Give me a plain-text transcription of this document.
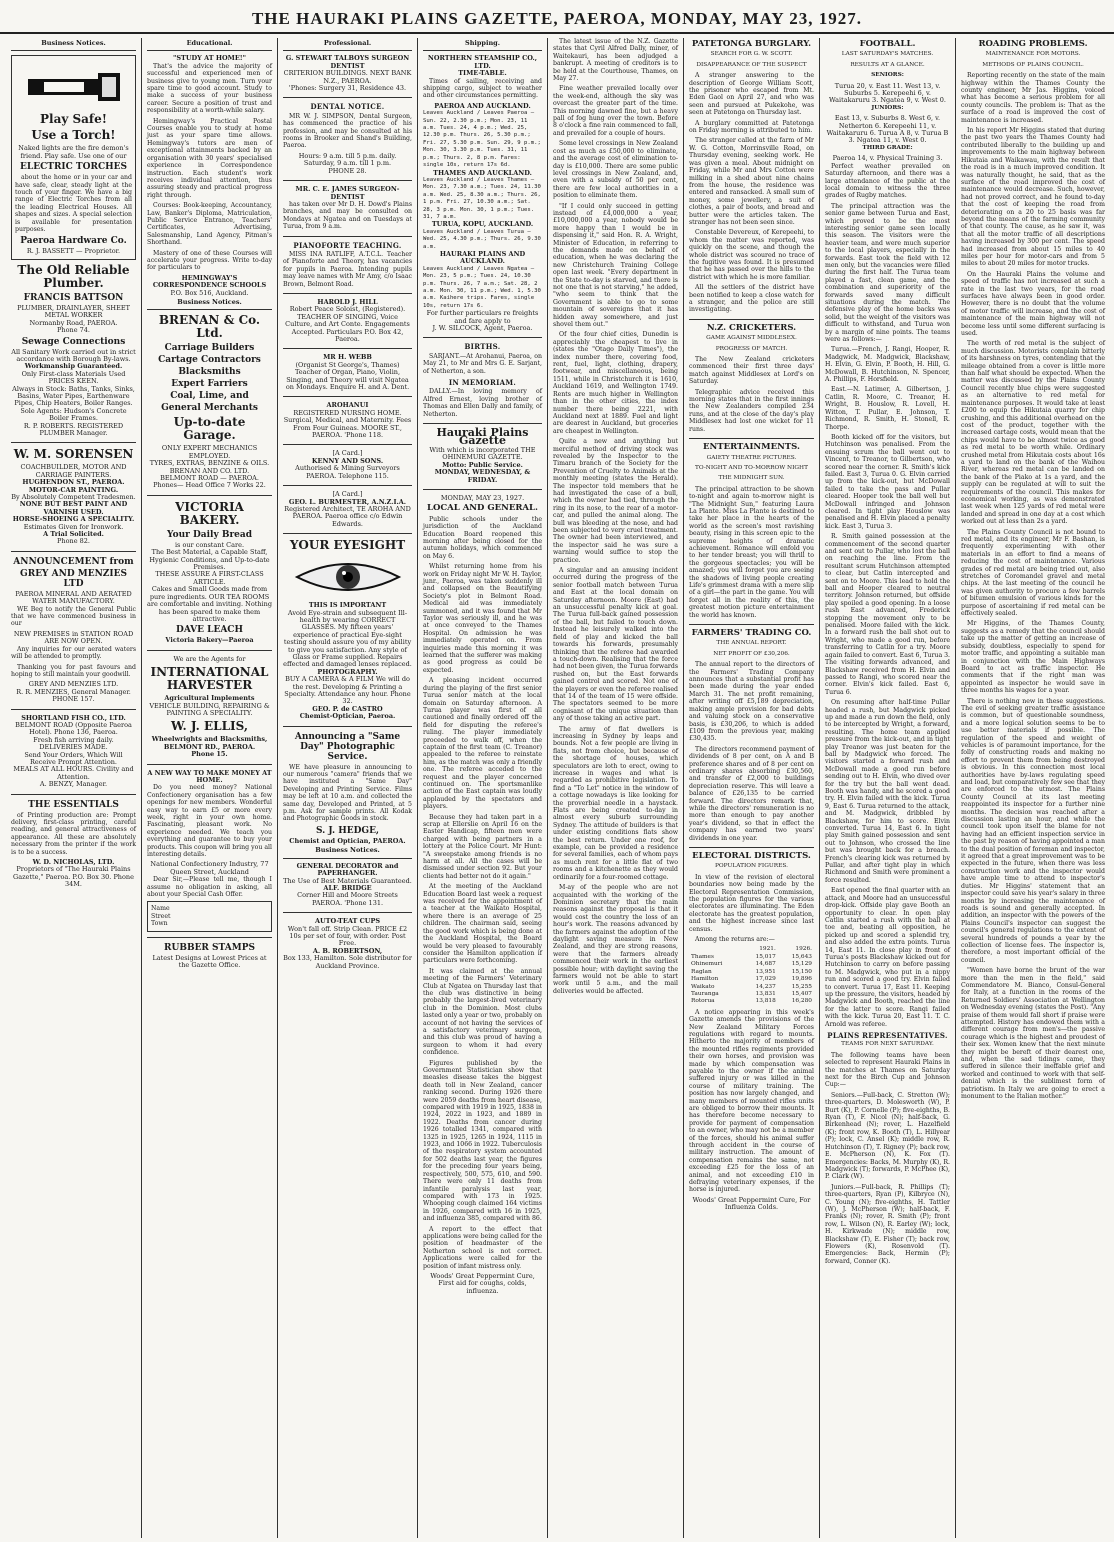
THE HAURAKI PLAINS GAZETTE, PAEROA, MONDAY, MAY 23, 1927.
Business Notices.
Play Safe!
Use a Torch!
Naked lights are the fire demon's friend. Play safe. Use one of our
ELECTRIC TORCHES
about the home or in your car and have safe, clear, steady light at the touch of your finger. We have a big range of Electric Torches from all the leading Electrical Houses. All shapes and sizes. A special selection is available for presentation purposes.
Paeroa Hardware Co.
R. J. BASSETT — Proprietor.
The Old Reliable Plumber.
FRANCIS BATTSON
PLUMBER, DRAINLAYER, SHEET METAL WORKER
Normanby Road, PAEROA.
Phone 74.
Sewage Connections
All Sanitary Work carried out in strict accordance with Borough By-laws.
Workmanship Guaranteed.
Only First-class Materials Used PRICES KEEN.
Always in Stock: Baths, Tanks, Sinks, Basins, Water Pipes, Earthenware Pipes, Chip Heaters, Boiler Ranges.
Sole Agents: Hudson's Concrete Boiler Frames.
R. P. ROBERTS. REGISTERED PLUMBER Manager.
W. M. SORENSEN
COACHBUILDER, MOTOR AND CARRIAGE PAINTERS.
HUGHENDON ST., PAEROA.
MOTOR-CAR PAINTING.
By Absolutely Competent Tradesmen.
NONE BUT BEST PAINT AND VARNISH USED.
HORSE-SHOEING A SPECIALITY.
Estimates Given for Ironwork.
A Trial Solicited.
Phone 82.
ANNOUNCEMENT from
GREY AND MENZIES LTD
PAEROA MINERAL AND AERATED WATER MANUFACTORY.
WE Beg to notify the General Public that we have commenced business in our
NEW PREMISES in STATION ROAD ARE NOW OPEN.
Any inquiries for our aerated waters will be attended to promptly.
Thanking you for past favours and hoping to still maintain your goodwill.
GREY AND MENZIES LTD.
R. R. MENZIES, General Manager.
PHONE 157.
SHORTLAND FISH CO., LTD.
BELMONT ROAD (Opposite Paeroa Hotel). Phone 136, Paeroa.
Fresh fish arriving daily. DELIVERIES MADE.
Send Your Orders, Which Will Receive Prompt Attention.
MEALS AT ALL HOURS. Civility and Attention.
A. BENZY, Manager.
THE ESSENTIALS
of Printing production are: Prompt delivery, first-class printing, careful reading, and general attractiveness of appearance. All these are absolutely necessary from the printer if the work is to be a success.
W. D. NICHOLAS, LTD.
Proprietors of "The Hauraki Plains Gazette," Paeroa. P.O. Box 30. Phone 34M.
Educational.
"STUDY AT HOME!"
That's the advice the majority of successful and experienced men of business give to young men. Turn your spare time to good account. Study to make a success of your business career. Secure a position of trust and responsibility at a worth-while salary.
Hemingway's Practical Postal Courses enable you to study at home just as your spare time allows. Hemingway's tutors are men of exceptional attainments backed by an organisation with 30 years' specialised experience in Correspondence instruction. Each student's work receives individual attention, thus assuring steady and practical progress right through.
Courses: Book-keeping, Accountancy, Law, Banker's Diploma, Matriculation, Public Service Entrance, Teachers' Certificates, Advertising, Salesmanship, Land Agency, Pitman's Shorthand.
Mastery of one of these Courses will accelerate your progress. Write to-day for particulars to
HEMINGWAY'S CORRESPONDENCE SCHOOLS
P.O. Box 516, Auckland.
Business Notices.
BRENAN & Co. Ltd.
Carriage Builders
Cartage Contractors
Blacksmiths
Expert Farriers
Coal, Lime, and
General Merchants
Up-to-date Garage.
ONLY EXPERT MECHANICS EMPLOYED.
TYRES, EXTRAS, BENZINE & OILS.
BRENAN AND CO. LTD.
BELMONT ROAD — PAEROA.
Phones— Head Office 7 Works 22.
VICTORIA BAKERY.
Your Daily Bread
is our constant Care.
The Best Material, a Capable Staff, Hygienic Conditions, and Up-to-date Premises.
THESE ASSURE A FIRST-CLASS ARTICLE.
Cakes and Small Goods made from pure ingredients. OUR TEA ROOMS are comfortable and inviting. Nothing has been spared to make them attractive.
DAVE LEACH
Victoria Bakery—Paeroa
We are the Agents for
INTERNATIONAL HARVESTER
Agricultural Implements
VEHICLE BUILDING, REPAIRING & PAINTING A SPECIALITY.
W. J. ELLIS,
Wheelwrights and Blacksmiths,
BELMONT RD., PAEROA.
Phone 15.
A NEW WAY TO MAKE MONEY AT HOME.
Do you need money? National Confectionery organisation has a few openings for new members. Wonderful easy way to earn £5 or more every week, right in your own home. Fascinating, pleasant work. No experience needed. We teach you everything and guarantee to buy your products. This coupon will bring you all interesting details.
National Confectionery Industry, 77 Queen Street, Auckland
Dear Sir,—Please tell me, though I assume no obligation in asking, all about your Special Cash Offer.
Name
Street
Town
RUBBER STAMPS
Latest Designs at Lowest Prices at the Gazette Office.
Professional.
G. STEWART TALBOYS SURGEON DENTIST
CRITERION BUILDINGS. NEXT BANK N.Z., PAEROA.
'Phones: Surgery 31, Residence 43.
DENTAL NOTICE.
MR W. J. SIMPSON, Dental Surgeon, has commenced the practice of his profession, and may be consulted at his rooms in Brooker and Shand's Building, Paeroa.
Hours: 9 a.m. till 5 p.m. daily. Saturday, 9 a.m. till 1 p.m.
PHONE 28.
MR. C. E. JAMES SURGEON-DENTIST
has taken over Mr D. H. Dowd's Plains branches, and may be consulted on Mondays at Ngatea and on Tuesdays at Turua, from 9 a.m.
PIANOFORTE TEACHING.
MISS INA RATLIFF, A.T.C.L. Teacher of Pianoforte and Theory, has vacancies for pupils in Paeroa. Intending pupils may leave names with Mr Amy, c/o Isaac Brown, Belmont Road.
HAROLD J. HILL
Robert Peace Soloist, (Registered). TEACHER OF SINGING, Voice Culture, and Art Conte. Engagements Accepted. Particulars P.O. Box 42, Paeroa.
MR H. WEBB
(Organist St George's, Thames) Teacher of Organ, Piano, Violin, Singing, and Theory will visit Ngatea on Mondays. Enquire H. and A. Dent.
AROHANUI
REGISTERED NURSING HOME. Surgical, Medical, and Maternity. Fees From Four Guineas. MOORE ST., PAEROA. 'Phone 118.
[A Card.]
KENNY AND SONS.
Authorised & Mining Surveyors PAEROA. Telephone 115.
[A Card.]
GEO. L. BURMESTER, A.N.Z.I.A.
Registered Architect, TE AROHA AND PAEROA. Paeroa office c/o Edwin Edwards.
YOUR EYESIGHT
THIS IS IMPORTANT
Avoid Eye-strain and subsequent Ill-health by wearing CORRECT GLASSES. My fifteen years' experience of practical Eye-sight testing should assure you of my ability to give you satisfaction. Any style of Glass or Frame supplied. Repairs effected and damaged lenses replaced.
PHOTOGRAPHY.
BUY A CAMERA & A FILM We will do the rest. Developing & Printing a Specialty. Attendance any hour. Phone 32.
GEO. P. de CASTRO
Chemist-Optician, Paeroa.
Announcing a "Same Day" Photographic Service.
WE have pleasure in announcing to our numerous "camera" friends that we have instituted a "Same Day" Developing and Printing Service. Films may be left at 10 a.m. and collected the same day, Developed and Printed, at 5 p.m. Ask for sample prints. All Kodak and Photographic Goods in stock.
S. J. HEDGE,
Chemist and Optician, PAEROA.
Business Notices.
GENERAL DECORATOR and PAPERHANGER.
The Use of Best Materials Guaranteed.
ALF. BRIDGE
Corner Hill and Moore Streets PAEROA. 'Phone 131.
AUTO-TEAT CUPS
Won't fall off. Strip Clean. PRICE £2 10s per set of four, with order. Post Free.
A. B. ROBERTSON,
Box 133, Hamilton. Sole distributor for Auckland Province.
Shipping.
NORTHERN STEAMSHIP CO., LTD.
TIME-TABLE.
Times of sailing, receiving and shipping cargo, subject to weather and other circumstances permitting.
PAEROA AND AUCKLAND.
Leaves Auckland / Leaves Paeroa — Sun. 22, 2.30 p.m.; Mon. 23, 11 a.m. Tues. 24, 4 p.m.; Wed. 25, 12.30 p.m. Thurs. 26, 5.30 p.m.; Fri. 27, 5.30 p.m. Sun. 29, 9 p.m.; Mon. 30, 3.30 p.m. Tues. 31, 11 p.m.; Thurs. 2, 8 p.m. Fares: single 10s, return 17s 6d.
THAMES AND AUCKLAND.
Leaves Auckland / Leaves Thames — Mon. 23, 7.30 a.m.; Tues. 24, 11.30 a.m. Wed. 25, 8.30 a.m.; Thurs. 26, 1 p.m. Fri. 27, 10.30 a.m.; Sat. 28, 3 p.m. Mon. 30, 1 p.m.; Tues. 31, 7 a.m.
TURUA, KOPU, AUCKLAND.
Leaves Auckland / Leaves Turua — Wed. 25, 4.30 p.m.; Thurs. 26, 9.30 a.m.
HAURAKI PLAINS AND AUCKLAND.
Leaves Auckland / Leaves Ngatea — Mon. 23, 5 p.m.; Tues. 24, 10.30 p.m. Thurs. 26, 7 a.m.; Sat. 28, 2 a.m. Mon. 30, 11 p.m.; Wed. 1, 5.30 a.m. Kaihere trips. Fares, single 10s, return 17s 6.
For further particulars re freights and fare apply to
J. W. SILCOCK, Agent, Paeroa.
BIRTHS.
SARJANT.—At Arohanui, Paeroa, on May 21, to Mr and Mrs G. E. Sarjant, of Netherton, a son.
IN MEMORIAM.
DALLY.—In loving memory of Alfred Ernest, loving brother of Thomas and Ellen Dally and family, of Netherton.
Hauraki Plains Gazette
With which is incorporated THE OHINEMURI GAZETTE.
Motto: Public Service.
MONDAY, WEDNESDAY, & FRIDAY.
MONDAY, MAY 23, 1927.
LOCAL AND GENERAL.
Public schools under the jurisdiction of the Auckland Education Board reopened this morning after being closed for the autumn holidays, which commenced on May 6.
Whilst returning home from his work on Friday night Mr W. H. Taylor, junr., Paeroa, was taken suddenly ill and collapsed on the Beautifying Society's plot in Belmont Road. Medical aid was immediately summoned, and it was found that Mr Taylor was seriously ill, and he was at once conveyed to the Thames Hospital. On admission he was immediately operated on. From inquiries made this morning it was learned that the sufferer was making as good progress as could be expected.
A pleasing incident occurred during the playing of the first senior Turua senior match at the local domain on Saturday afternoon. A Turua player was first of all cautioned and finally ordered off the field for disputing the referee's ruling. The player immediately proceeded to walk off, when the captain of the first team (C. Treanor) appealed to the referee to reinstate him, as the match was only a friendly one. The referee acceded to the request and the player concerned continued on. The sportsmanlike action of the East captain was loudly applauded by the spectators and players.
Because they had taken part in a scrap at Ellerslie on April 16 on the Easter Handicap, fifteen men were charged with being partners in a lottery at the Police Court. Mr Hunt: "A sweepstake among friends is no harm at all. All the cases will be dismissed under section 92. But your clients had better not do it again."
At the meeting of the Auckland Education Board last week a request was received for the appointment of a teacher at the Waikato Hospital, where there is an average of 25 children. The chairman said, seeing the good work which is being done at the Auckland Hospital, the Board would be very pleased to favourably consider the Hamilton application if particulars were forthcoming.
It was claimed at the annual meeting of the Farmers' Veterinary Club at Ngatea on Thursday last that the club was distinctive in being probably the largest-lived veterinary club in the Dominion. Most clubs lasted only a year or two, probably on account of not having the services of a satisfactory veterinary surgeon, and this club was proud of having a surgeon to whom it had every confidence.
Figures published by the Government Statistician show that measles disease takes the biggest death toll in New Zealand, cancer ranking second. During 1926 there were 2059 deaths from heart disease, compared with 1919 in 1925, 1838 in 1924, 2022 in 1923, and 1889 in 1922. Deaths from cancer during 1926 totalled 1341, compared with 1325 in 1925, 1265 in 1924, 1115 in 1923, and 1066 in 1922. Tuberculosis of the respiratory system accounted for 502 deaths last year, the figures for the preceding four years being, respectively, 500, 575, 610, and 590. There were only 11 deaths from infantile paralysis last year, compared with 173 in 1925. Whooping cough claimed 164 victims in 1926, compared with 16 in 1925, and influenza 385, compared with 86.
A report to the effect that applications were being called for the position of headmaster of the Netherton school is not correct. Applications were called for the position of infant mistress only.
Woods' Great Peppermint Cure, First aid for coughs, colds, influenza.
The latest issue of the N.Z. Gazette states that Cyril Alfred Dally, miner, of Waitekauri, has been adjudged a bankrupt. A meeting of creditors is to be held at the Courthouse, Thames, on May 27.
Fine weather prevailed locally over the week-end, although the sky was overcast the greater part of the time. This morning dawned fine, but a heavy pall of fog hung over the town. Before 8 o'clock a fine rain commenced to fall, and prevailed for a couple of hours.
Some level crossings in New Zealand cost as much as £50,000 to eliminate, and the average cost of elimination to-day is £10,000. There are some public level crossings in New Zealand, and, even with a subsidy of 50 per cent, there are few local authorities in a position to eliminate them.
"If I could only succeed in getting instead of £4,000,000 a year, £10,000,000 a year, nobody would be more happy than I would be in dispensing it," said Hon. R. A. Wright, Minister of Education, in referring to the demands made on behalf of education, when he was declaring the new Christchurch Training College open last week. "Every department in the State to-day is starved, and there is not one that is not starving," he added, "who seem to think that the Government is able to go to some mountain of sovereigns that it has hidden away somewhere, and just shovel them out."
Of the four chief cities, Dunedin is appreciably the cheapest to live in (states the "Otago Daily Times"), the index number there, covering food, rent, fuel, light, clothing, drapery, footwear, and miscellaneous, being 1511, while in Christchurch it is 1610, Auckland 1619, and Wellington 1749. Rents are much higher in Wellington than in the other cities, the index number there being 2221, with Auckland next at 1889. Fuel and light are dearest in Auckland, but groceries are cheapest in Wellington.
Quite a new and anything but merciful method of driving stock was revealed by the Inspector to the Timaru branch of the Society for the Prevention of Cruelty to Animals at the monthly meeting (states the Herald). The inspector told members that he had investigated the case of a bull, which the owner had tied, through the ring in its nose, to the rear of a motor-car, and pulled the animal along. The bull was bleeding at the nose, and had been subjected to very cruel treatment. The owner had been interviewed, and the inspector said he was sure a warning would suffice to stop the practice.
A singular and an amusing incident occurred during the progress of the senior football match between Turua and East at the local domain on Saturday afternoon. Moore (East) had an unsuccessful penalty kick at goal. The Turua full-back gained possession of the ball, but failed to touch down. Instead he leisurely walked into the field of play and kicked the ball towards his forwards, presumably thinking that the referee had awarded a touch-down. Realising that the force had not been given, the Turua forwards rushed on, but the East forwards gained control and scored. Not one of the players or even the referee realised that 14 of the team of 15 were offside. The spectators seemed to be more cognisant of the unique situation than any of those taking an active part.
The army of flat dwellers is increasing in Sydney by leaps and bounds. Not a few people are living in flats, not from choice, but because of the shortage of houses, which speculators are loth to erect, owing to increase in wages and what is regarded as prohibitive legislation. To find a "To Let" notice in the window of a cottage nowadays is like looking for the proverbial needle in a haystack. Flats are being created to-day in almost every suburb surrounding Sydney. The attitude of builders is that under existing conditions flats show the best return. Under one roof, for example, can be provided a residence for several families, each of whom pays as much rent for a little flat of two rooms and a kitchenette as they would ordinarily for a four-roomed cottage.
M-ay of the people who are not acquainted with the working of the Dominion secretary that the main reasons against the proposal is that it would cost the country the loss of an hour's work. The reasons advanced by the farmers against the adoption of the daylight saving measure in New Zealand, and they are strong reasons, were that the farmers already commenced their work in the earliest possible hour; with daylight saving the farmers would not be able to start work until 5 a.m., and the mail deliveries would be affected.
PATETONGA BURGLARY.
SEARCH FOR G. W. SCOTT.
DISAPPEARANCE OF THE SUSPECT
A stranger answering to the description of George William Scott, the prisoner who escaped from Mt. Eden Gaol on April 27, and who was seen and pursued at Pukekohe, was seen at Patetonga on Thursday last.
A burglary committed at Patetonga on Friday morning is attributed to him.
The stranger called at the farm of Mr W. G. Cotton, Morrinsville Road, on Thursday evening, seeking work. He was given a meal. About midnight on Friday, while Mr and Mrs Cotton were milking in a shed about nine chains from the house, the residence was entered and ransacked. A small sum of money, some jewellery, a suit of clothes, a pair of boots, and bread and butter were the articles taken. The stranger has not been seen since.
Constable Devereux, of Kerepeehi, to whom the matter was reported, was quickly on the scene, and though the whole district was scoured no trace of the fugitive was found. It is presumed that he has passed over the hills to the district with which he is more familiar.
All the settlers of the district have been notified to keep a close watch for a stranger, and the police are still investigating.
N.Z. CRICKETERS.
GAME AGAINST MIDDLESEX.
PROGRESS OF MATCH.
The New Zealand cricketers commenced their first three days' match against Middlesex at Lord's on Saturday.
Telegraphic advice received this morning states that in the first innings the New Zealanders compiled 234 runs, and at the close of the day's play Middlesex had lost one wicket for 11 runs.
ENTERTAINMENTS.
GAIETY THEATRE PICTURES.
TO-NIGHT AND TO-MORROW NIGHT
THE MIDNIGHT SUN.
The principal attraction to be shown to-night and again to-morrow night is "The Midnight Sun," featuring Laura La Plante. Miss La Plante is destined to take her place in the hearts of the world as the screen's most ravishing beauty, rising in this screen epic to the supreme heights of dramatic achievement. Romance will enfold you to her tender breast; you will thrill to the gorgeous spectacles; you will be amazed; you will forget you are seeing the shadows of living people creating Life's grimmest drama with a mere slip of a girl—the part in the game. You will forget all in the reality of this, the greatest motion picture entertainment the world has known.
FARMERS' TRADING CO.
THE ANNUAL REPORT.
NET PROFIT OF £30,206.
The annual report to the directors of the Farmers' Trading Company announces that a substantial profit has been made during the year ended March 31. The net profit remaining, after writing off £5,189 depreciation, making ample provision for bad debts and valuing stock on a conservative basis, is £30,206, to which is added £109 from the previous year, making £30,435.
The directors recommend payment of dividends of 8 per cent, on A and B preference shares and of 8 per cent on ordinary shares absorbing £30,560, and transfer of £2,000 to buildings depreciation reserve. This will leave a balance of £26,135 to be carried forward. The directors remark that, while the directors' remuneration is no more than enough to pay another year's dividend, so that in effect the company has earned two years' dividends in one year.
ELECTORAL DISTRICTS.
POPULATION FIGURES.
In view of the revision of electoral boundaries now being made by the Electoral Representation Commission, the population figures for the various electorates are illuminating. The Eden electorate has the greatest population, and the highest increase since last census.
Among the returns are:—
	1921.	1926.
Thames	15,017	15,643
Ohinemuri	14,687	15,129
Raglan	13,951	15,150
Hamilton	17,029	19,896
Waikato	14,237	15,255
Tauranga	13,831	15,407
Rotorua	13,818	16,280
A notice appearing in this week's Gazette amends the provisions of the New Zealand Military Forces regulations with regard to mounts. Hitherto the majority of members of the mounted rifles regiments provided their own horses, and provision was made by which compensation was payable to the owner if the animal suffered injury or was killed in the course of military training. The position has now largely changed, and many members of mounted rifles units are obliged to borrow their mounts. It has therefore become necessary to provide for payment of compensation to an owner, who may not be a member of the forces, should his animal suffer through accident in the course of military instruction. The amount of compensation remains the same, not exceeding £25 for the loss of an animal, and not exceeding £10 in defraying veterinary expenses, if the horse is injured.
Woods' Great Peppermint Cure, For Influenza Colds.
FOOTBALL.
LAST SATURDAY'S MATCHES.
RESULTS AT A GLANCE.
SENIORS:
Turua 20, v. East 11. West 13, v. Suburbs 5. Kerepeehi 6, v. Waitakaruru 3. Ngatea 9, v. West 0.
JUNIORS:
East 13, v. Suburbs 8. West 6, v. Netherton 6. Kerepeehi 11, v. Waitakaruru 6. Turua A 8, v. Turua B 3. Ngatea 11, v. West 0.
THIRD GRADE:
Paeroa 14, v. Physical Training 3.
Perfect weather prevailed on Saturday afternoon, and there was a large attendance of the public at the local domain to witness the three grades of Rugby matches.
The principal attraction was the senior game between Turua and East, which proved to be the most interesting senior game seen locally this season. The visitors were the heavier team, and were much superior to the local players, especially in the forwards. East took the field with 12 men only, but the vacancies were filled during the first half. The Turua team played a fast, clean game, and the combination and superiority of the forwards saved many difficult situations during the match. The defensive play of the home backs was solid, but the weight of the visitors was difficult to withstand, and Turua won by a margin of nine points. The teams were as follows:—
Turua.—French, J. Rangi, Hooper, R. Madgwick, M. Madgwick, Blackshaw, H. Elvin, G. Elvin, P. Booth, H. Hill, G. McDowall, B. Hutchinson, N. Spencer, A. Phillips, F. Horsfield.
East.—N. Latimer, A. Gilbertson, J. Catlin, R. Moore, C. Treanor, H. Wright, B. Houslow, R. Lovell, H. Witton, T. Pullar, E. Johnson, T. Richmond, R. Smith, H. Stonell, R. Thorpe.
Booth kicked off for the visitors, but Hutchinson was penalised. From the ensuing scrum the ball went out to Vincent, to Treanor, to Gilbertson, who scored near the corner. R. Smith's kick failed. East 3, Turua 0. G. Elvin carried up from the kick-out, but McDowall failed to take the pass and Pullar cleared. Hooper took the ball well but McDowall infringed and Johnson cleared. In tight play Houslow was penalised and H. Elvin placed a penalty kick. East 3, Turua 3.
R. Smith gained possession at the commencement of the second quarter and sent out to Pullar, who lost the ball on reaching the line. From the resultant scrum Hutchinson attempted to clear, but Catlin intercepted and sent on to Moore. This lead to hold the ball and Hooper cleared to neutral territory. Johnson returned, but offside play spoiled a good opening. In a loose rush East advanced, Frederick stopping the movement only to be penalised. Moore failed with the kick. In a forward rush the ball shot out to Wright, who made a good run, before transferring to Catlin for a try. Moore again failed to convert. East 6, Turua 3. The visiting forwards advanced, and Blackshaw received from H. Elvin and passed to Rangi, who scored near the corner. Elvin's kick failed. East 6, Turua 6.
On resuming after half-time Pullar headed a rush, but Madgwick picked up and made a run down the field, only to be intercepted by Wright, a forward, resulting. The home team applied pressure from the kick-out, and in tight play Treanor was just beaten for the ball by Madgwick who forced. The visitors started a forward rush and McDowall made a good run before sending out to H. Elvin, who dived over for the try but the ball went dead. Booth was handy, and he scored a good try. H. Elvin failed with the kick. Turua 9, East 6. Turua returned to the attack, and M. Madgwick, dribbled by Blackshaw, for him to score. Elvin converted. Turua 14, East 6. In tight play Smith gained possession and sent out to Johnson, who crossed the line but was brought back for a breach. French's clearing kick was returned by Pullar, and after tight play in which Richmond and Smith were prominent a force resulted.
East opened the final quarter with an attack, and Moore had an unsuccessful drop-kick. Offside play gave Booth an opportunity to clear. In open play Catlin started a rush with the ball at toe and, beating all opposition, he picked up and scored a splendid try, and also added the extra points. Turua 14, East 11. In close play in front of Turua's posts Blackshaw kicked out for Hutchinson to carry on before passing to M. Madgwick, who put in a nippy run and scored a good try. Elvin failed to convert. Turua 17, East 11. Keeping up the pressure, the visitors, headed by Madgwick and Booth, reached the line for the latter to score. Rangi failed with the kick. Turua 20, East 11. T. C. Arnold was referee.
PLAINS REPRESENTATIVES.
TEAMS FOR NEXT SATURDAY.
The following teams have been selected to represent Hauraki Plains in the matches at Thames on Saturday next for the Birch Cup and Johnson Cup:—
Seniors.—Full-back, C. Stretton (W); three-quarters, D. Molesworth (W), P. Burt (K), P. Cornelle (P); five-eighths, B. Ryan (T), F. Nicol (N); half-back, G. Birkenhead (N); rover, L. Hazelfield (K); front row, K. Booth (T), L. Hillyear (P); lock, C. Ansel (K); middle row, R. Hutchinson (T), T. Rigney (P); back row, E. McPherson (N), K. Fox (T). Emergencies: Backs, M. Murphy (K), R. Madgwick (T); forwards, P. McPhee (K), P. Clark (W).
Juniors.—Full-back, R. Phillips (T); three-quarters, Ryan (P), Kilbryce (N), C. Young (N); five-eighths, H. Tattler (W), J. McPherson (W); half-back, F. Franks (N); rover, R. Smith (P); front row, L. Wilson (N), R. Earley (W); lock, H. Kirkwade (N); middle row, Blackshaw (T), E. Fisher (T); back row, Flowers (K), Rosenvold (T). Emergencies: Back, Hermin (P); forward, Conner (K).
ROADING PROBLEMS.
MAINTENANCE FOR MOTORS.
METHODS OF PLAINS COUNCIL.
Reporting recently on the state of the main highway within the Thames County the county engineer, Mr Jas. Higgins, voiced what has become a serious problem for all county councils. The problem is: That as the surface of a road is improved the cost of maintenance is increased.
In his report Mr Higgins stated that during the past two years the Thames County had contributed liberally to the building up and improvements to the main highway between Hikutaia and Waikawau, with the result that the road is in a much improved condition. It was naturally thought, he said, that as the surface of the road improved the cost of maintenance would decrease. Such, however, had not proved correct, and he found to-day that the cost of keeping the road from deteriorating on a 20 to 25 basis was far beyond the means of the farming community of that county. The cause, as he saw it, was that all the motor traffic of all descriptions having increased by 300 per cent. The speed had increased from about 15 miles to 40 miles per hour for motor-cars and from 5 miles to about 20 miles for motor trucks.
On the Hauraki Plains the volume and speed of traffic has not increased at such a rate in the last two years, for the road surfaces have always been in good order. However, there is no doubt that the volume of motor traffic will increase, and the cost of maintenance of the main highway will not become less until some different surfacing is used.
The worth of red metal is the subject of much discussion. Motorists complain bitterly of its harshness on tyres, contending that the mileage obtained from a cover is little more than half what should be expected. When the matter was discussed by the Plains County Council recently blue chips were suggested as an alternative to red metal for maintenance purposes. It would take at least £200 to equip the Hikutaia quarry for chip crushing, and this additional overhead on the cost of the product, together with the increased cartage costs, would mean that the chips would have to be almost twice as good as red metal to be worth while. Ordinary crushed metal from Hikutaia costs about 16s a yard to land on the bank of the Waihou River, whereas red metal can be landed on the bank of the Piako at 1s a yard, and the supply can be regulated at will to suit the requirements of the council. This makes for economical working, as was demonstrated last week when 125 yards of red metal were landed and spread in one day at a cost which worked out at less than 2s a yard.
The Plains County Council is not bound to red metal, and its engineer, Mr F. Bashan, is frequently experimenting with other materials in an effort to find a means of reducing the cost of maintenance. Various grades of red metal are being tried out, also stretches of Coromandel gravel and metal chips. At the last meeting of the council he was given authority to procure a few barrels of bitumen emulsion of various kinds for the purpose of ascertaining if red metal can be effectively sealed.
Mr Higgins, of the Thames County, suggests as a remedy that the council should take up the matter of getting an increase of subsidy, doubtless, especially to spend for motor traffic, and appointing a suitable man in conjunction with the Main Highways Board to act as traffic inspector. He comments that if the right man was appointed as inspector he would save in three months his wages for a year.
There is nothing new in these suggestions. The evil of seeking greater traffic assistance is common, but of questionable soundness, and a more logical solution seems to be to use better materials if possible. The regulation of the speed and weight of vehicles is of paramount importance, for the folly of constructing roads and making no effort to prevent them from being destroyed is obvious. In this connection most local authorities have by-laws regulating speed and load, but comparatively few see that they are enforced to the utmost. The Plains County Council at its last meeting reappointed its inspector for a further nine months. The decision was reached after a discussion lasting an hour, and while the council took upon itself the blame for not having had an efficient inspection service in the past by reason of having appointed a man to the dual position of foreman and inspector, it agreed that a great improvement was to be expected in the future, when there was less construction work and the inspector would have ample time to attend to inspector's duties. Mr Higgins' statement that an inspector could save his year's salary in three months by increasing the maintenance of roads is sound and generally accepted. In addition, an inspector with the powers of the Plains Council's inspector can suggest the council's general regulations to the extent of several hundreds of pounds a year by the collection of license fees. The inspector is, therefore, a most important official of the council.
"Women have borne the brunt of the war more than the men in the field," said Commendatore M. Bianco, Consul-General for Italy, at a function in the rooms of the Returned Soldiers' Association at Wellington on Wednesday evening (states the Post). "Any praise of them would fall short if praise were attempted. History has endowed them with a different courage from men's—the passive courage which is the highest and proudest of their sex. Women knew that the next minute they might be bereft of their dearest one, and, when the sad tidings came, they suffered in silence their ineffable grief and worked and continued to work with that self-denial which is the sublimest form of patriotism. In Italy we are going to erect a monument to the Italian mother."
